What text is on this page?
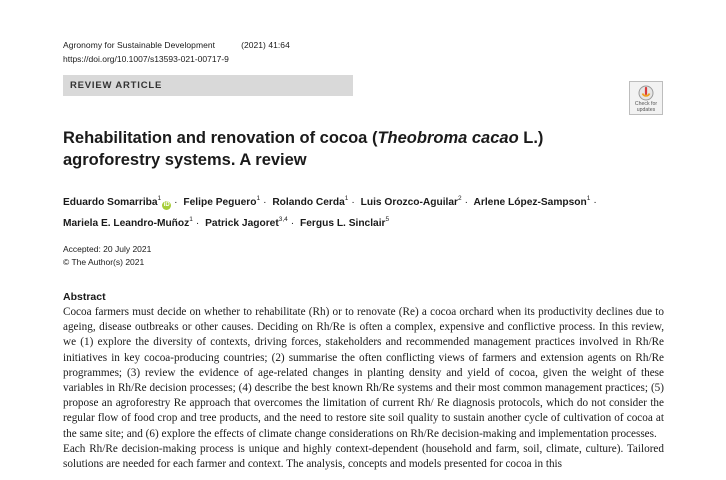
Agronomy for Sustainable Development	(2021) 41:64
https://doi.org/10.1007/s13593-021-00717-9
REVIEW ARTICLE
Check for
updates
Rehabilitation and renovation of cocoa (Theobroma cacao L.) agroforestry systems. A review
Eduardo Somarriba$^1$iD · Felipe Peguero$^1$ · Rolando Cerda$^1$ · Luis Orozco-Aguilar$^2$ · Arlene López-Sampson$^1$ ·
Mariela E. Leandro-Muñoz$^1$ · Patrick Jagoret$^{3,4}$ · Fergus L. Sinclair$^5$
Accepted: 20 July 2021
© The Author(s) 2021
Abstract

Cocoa farmers must decide on whether to rehabilitate (Rh) or to renovate (Re) a cocoa orchard when its productivity declines due to ageing, disease outbreaks or other causes. Deciding on Rh/Re is often a complex, expensive and conflictive process. In this review, we (1) explore the diversity of contexts, driving forces, stakeholders and recommended management practices involved in Rh/Re initiatives in key cocoa-producing countries; (2) summarise the often conflicting views of farmers and extension agents on Rh/Re programmes; (3) review the evidence of age-related changes in planting density and yield of cocoa, given the weight of these variables in Rh/Re decision processes; (4) describe the best known Rh/Re systems and their most common management practices; (5) propose an agroforestry Re approach that overcomes the limitation of current Rh/ Re diagnosis protocols, which do not consider the regular flow of food crop and tree products, and the need to restore site soil quality to sustain another cycle of cultivation of cocoa at the same site; and (6) explore the effects of climate change considerations on Rh/Re decision-making and implementation processes.

Each Rh/Re decision-making process is unique and highly context-dependent (household and farm, soil, climate, culture). Tailored solutions are needed for each farmer and context. The analysis, concepts and models presented for cocoa in this
